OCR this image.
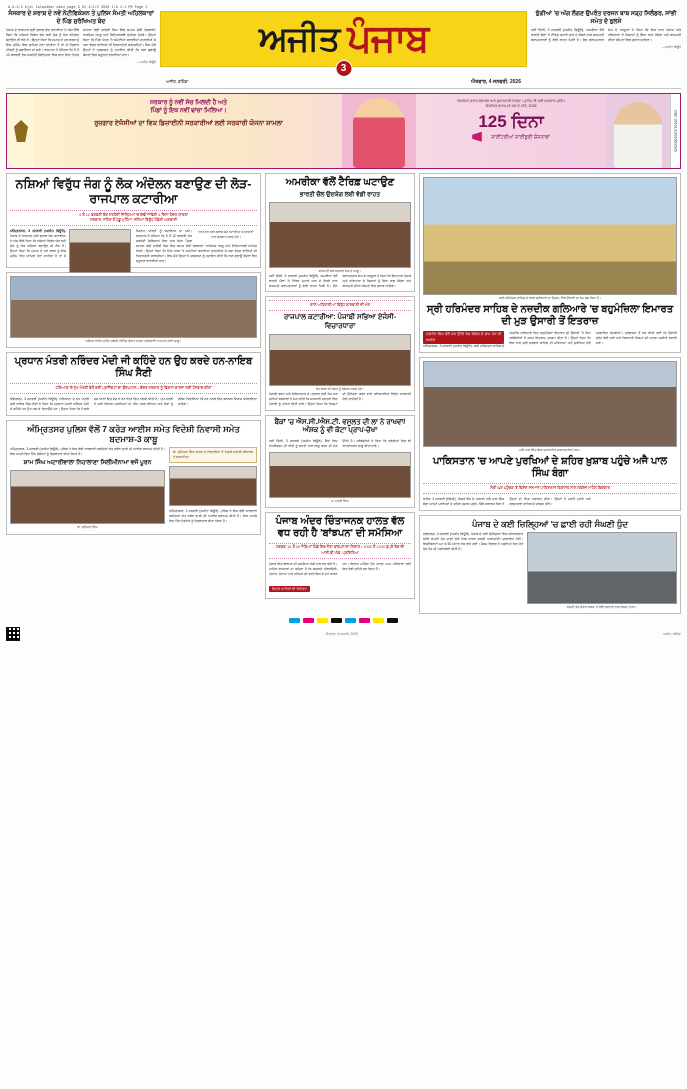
A-3-3-3 Ajit Jalandhar main page 3 01 1/1/2 2026 1:8 1:1 PM Page 1
ਸੰਸਕਾਰ ਦੇ ਸ਼ਰਾਬ਼ ਦੇ ਨਵੇਂ ਨੋਟੀਫਿਕੇਸ਼ਨ ਤੇ ਪੁਲਿਸ ਸੰਮਤੀ ਅਹਿਲਕਾਰਾਂ ਦੇ ਪਿੰਡ ਸੁਰੱਖਿਅਤ ਬੰਦ
ਪੰਜਾਬ ਦੇ ਰਾਜਪਾਲ ਸ੍ਰੀ ਗੁਲਾਬ ਚੰਦ ਕਟਾਰੀਆ ਨੇ ਅੱਜ ਇੱਥੇ ਕਿਹਾ ਕਿ ਨਸ਼ਿਆਂ ਵਿਰੁੱਧ ਚੱਲ ਰਹੀ ਜੰਗ ਨੂੰ ਲੋਕ ਅੰਦੋਲਨ ਬਣਾਉਣ ਦੀ ਲੋੜ ਹੈ। ਉਨ੍ਹਾਂ ਕਿਹਾ ਕਿ ਸਮਾਜ ਦੇ ਹਰ ਵਰਗ ਨੂੰ ਇਸ ਮੁਹਿੰਮ ਵਿਚ ਸ਼ਾਮਿਲ ਹੋਣਾ ਚਾਹੀਦਾ ਹੈ ਤਾਂ ਜੋ ਨੌਜਵਾਨ ਪੀੜ੍ਹੀ ਨੂੰ ਬਚਾਇਆ ਜਾ ਸਕੇ। ਰਾਜਪਾਲ ਨੇ ਦੱਸਿਆ ਕਿ 9 ਤੋਂ 12 ਫਰਵਰੀ ਤੱਕ ਸਰਹੱਦੀ ਜ਼ਿਲ੍ਹਿਆਂ ਵਿਚ ਚਾਰ ਦਿਨਾ ਪੈਦਲ ਯਾਤਰਾ ਕੱਢੀ ਜਾਵੇਗੀ ਜਿਸ ਵਿਚ ਸਮਾਜ ਸੇਵੀ ਸੰਸਥਾਵਾਂ, ਧਾਰਮਿਕ ਆਗੂ ਅਤੇ ਵਿਦਿਆਰਥੀ ਸ਼ਾਮਿਲ ਹੋਣਗੇ। ਉਨ੍ਹਾਂ ਕਿਹਾ ਕਿ ਪਿੰਡ ਪੱਧਰ 'ਤੇ ਕਮੇਟੀਆਂ ਬਣਾਈਆਂ ਜਾਣਗੀਆਂ ਜੋ ਨਸ਼ਾ ਵੇਚਣ ਵਾਲਿਆਂ ਦੀ ਨਿਸ਼ਾਨਦੇਹੀ ਕਰਨਗੀਆਂ। ਇਸ ਮੌਕੇ ਉਨ੍ਹਾਂ ਨੇ ਪ੍ਰਸ਼ਾਸਨ ਨੂੰ ਹਦਾਇਤ ਕੀਤੀ ਕਿ ਨਸ਼ਾ ਛੁਡਾਊ ਕੇਂਦਰਾਂ ਵਿਚ ਸਹੂਲਤਾਂ ਵਧਾਈਆਂ ਜਾਣ।
—ਅਜੀਤ ਬਿਊਰੋ
ਅਜੀਤ ਪੰਜਾਬ
3
ਅਜੀਤ, ਬਠਿੰਡਾ	ਐਤਵਾਰ, 4 ਜਨਵਰੀ, 2026
ਝੁੱਗੀਆਂ 'ਚ ਅੱਗ ਲੱਗਣ ਉਪਰੰਤ ਦਰਜਨ ਬਾਬ ਸੜ੍ਹ ਸਿਲੰਡਰ, ਸਾਂਭੀ ਸਮੇਤ ਦੋ ਝੁਲਸੇ
ਨਵੀਂ ਦਿੱਲੀ, 3 ਜਨਵਰੀ (ਅਜੀਤ ਬਿਊਰੋ)- ਅਮਰੀਕਾ ਵੱਲੋਂ ਭਾਰਤੀ ਚੌਲਾਂ 'ਤੇ ਟੈਰਿਫ਼ ਘਟਾਏ ਜਾਣ ਦੇ ਫ਼ੈਸਲੇ ਨਾਲ ਬਾਸਮਤੀ ਬਰਾਮਦਕਾਰਾਂ ਨੂੰ ਵੱਡੀ ਰਾਹਤ ਮਿਲੀ ਹੈ। ਚੌਲ ਬਰਾਮਦਕਾਰ ਸੰਘ ਦੇ ਆਗੂਆਂ ਨੇ ਕਿਹਾ ਕਿ ਇਸ ਨਾਲ ਪੰਜਾਬ ਅਤੇ ਹਰਿਆਣਾ ਦੇ ਕਿਸਾਨਾਂ ਨੂੰ ਸਿੱਧਾ ਲਾਭ ਹੋਵੇਗਾ ਅਤੇ ਬਾਸਮਤੀ ਦੀਆਂ ਕੀਮਤਾਂ ਵਿਚ ਸੁਧਾਰ ਆਵੇਗਾ।
—ਅਜੀਤ ਬਿਊਰੋ
ਸਰਕਾਰ ਨੂੰ ਨਵੀਂ ਸੋਚ ਮਿਲਦੀ ਹੈ ਅਤੇ
ਪਿੰਡਾਂ ਨੂੰ ਇਕ ਨਵੀਂ ਢਾਂਚਾ ਮਿਲਿਆ।
ਰੁਜ਼ਗਾਰ ਏਜੰਸੀਆਂ ਦਾ ਵਿਕ ਡਿਜ਼ਾਈਨੀ ਸਰਕਾਰੀਆਂ ਲਈ ਸਰਕਾਰੀ ਯੋਜਨਾ ਸ਼ਾਮਲਾ
ਵਿਕਸਿਤ ਭਾਰਤ-ਵੰਚਾਲਨ ਅਤੇ ਸੁਧਾਰਕਾਰੀ ਮਿਲਣ। ਮੁਹਿੰਮ ਤੀ ਕਰੀ ਸ਼ਾਨਦਾਰ ਮੁਹਿੰਮ
ਵਿਕਸਿਤ ਭਾਰਤ-ਮੀ ਕਲ ਦੇ ਮੀਤੋ, 2026
125 ਦਿਨਾ
ਸਾਈਟਰੀਆਂ ਸ਼ਾਈਬੁਰੀ ਯੋਜਨਾਵਾਂ	CBC 35101/13/0106/2526
ਨਸ਼ਿਆਂ ਵਿਰੁੱਧ ਜੰਗ ਨੂੰ ਲੋਕ ਅੰਦੋਲਨ ਬਣਾਉਣ ਦੀ ਲੋੜ-ਰਾਜਪਾਲ ਕਟਾਰੀਆ
9 ਤੋਂ 12 ਫਰਵਰੀ ਤੱਕ ਸਰਹੱਦੀ ਜ਼ਿਲ੍ਹਿਆਂ 'ਚ ਕੱਢੀ ਜਾਵੇਗੀ 4 ਦਿਨਾ ਪੈਦਲ ਯਾਤਰਾ
ਸਰਕਾਰ, ਸ਼ਹਿਰ ਤੋਂ ਪੇਂਡੂ ਮੁਹਿੰਮਾਂ, ਨਸ਼ਿਆਂ ਵਿਰੁੱਧ ਹੋਵੇਗੀ ਅਗਵਾਈ
ਰਾਜਪਾਲ ਸ੍ਰੀ ਗੁਲਾਬ ਚੰਦ ਕਟਾਰੀਆ ਪੱਤਰਕਾਰਾਂ ਨਾਲ ਗੱਲਬਾਤ ਕਰਦੇ ਹੋਏ।
ਅੰਮ੍ਰਿਤਸਰ, 3 ਜਨਵਰੀ (ਅਜੀਤ ਬਿਊਰੋ)- ਪੰਜਾਬ ਦੇ ਰਾਜਪਾਲ ਸ੍ਰੀ ਗੁਲਾਬ ਚੰਦ ਕਟਾਰੀਆ ਨੇ ਅੱਜ ਇੱਥੇ ਕਿਹਾ ਕਿ ਨਸ਼ਿਆਂ ਵਿਰੁੱਧ ਚੱਲ ਰਹੀ ਜੰਗ ਨੂੰ ਲੋਕ ਅੰਦੋਲਨ ਬਣਾਉਣ ਦੀ ਲੋੜ ਹੈ। ਉਨ੍ਹਾਂ ਕਿਹਾ ਕਿ ਸਮਾਜ ਦੇ ਹਰ ਵਰਗ ਨੂੰ ਇਸ ਮੁਹਿੰਮ ਵਿਚ ਸ਼ਾਮਿਲ ਹੋਣਾ ਚਾਹੀਦਾ ਹੈ ਤਾਂ ਜੋ ਨੌਜਵਾਨ ਪੀੜ੍ਹੀ ਨੂੰ ਬਚਾਇਆ ਜਾ ਸਕੇ। ਰਾਜਪਾਲ ਨੇ ਦੱਸਿਆ ਕਿ 9 ਤੋਂ 12 ਫਰਵਰੀ ਤੱਕ ਸਰਹੱਦੀ ਜ਼ਿਲ੍ਹਿਆਂ ਵਿਚ ਚਾਰ ਦਿਨਾ ਪੈਦਲ ਯਾਤਰਾ ਕੱਢੀ ਜਾਵੇਗੀ ਜਿਸ ਵਿਚ ਸਮਾਜ ਸੇਵੀ ਸੰਸਥਾਵਾਂ, ਧਾਰਮਿਕ ਆਗੂ ਅਤੇ ਵਿਦਿਆਰਥੀ ਸ਼ਾਮਿਲ ਹੋਣਗੇ। ਉਨ੍ਹਾਂ ਕਿਹਾ ਕਿ ਪਿੰਡ ਪੱਧਰ 'ਤੇ ਕਮੇਟੀਆਂ ਬਣਾਈਆਂ ਜਾਣਗੀਆਂ ਜੋ ਨਸ਼ਾ ਵੇਚਣ ਵਾਲਿਆਂ ਦੀ ਨਿਸ਼ਾਨਦੇਹੀ ਕਰਨਗੀਆਂ। ਇਸ ਮੌਕੇ ਉਨ੍ਹਾਂ ਨੇ ਪ੍ਰਸ਼ਾਸਨ ਨੂੰ ਹਦਾਇਤ ਕੀਤੀ ਕਿ ਨਸ਼ਾ ਛੁਡਾਊ ਕੇਂਦਰਾਂ ਵਿਚ ਸਹੂਲਤਾਂ ਵਧਾਈਆਂ ਜਾਣ।
ਨਸ਼ਿਆਂ ਵਿਰੁੱਧ ਮੁਹਿੰਮ ਸਬੰਧੀ ਮੀਟਿੰਗ ਦੌਰਾਨ ਹਾਜ਼ਰ ਅਧਿਕਾਰੀ ਤੇ ਸਮਾਜ ਸੇਵੀ ਆਗੂ।
ਪ੍ਰਧਾਨ ਮੰਤਰੀ ਨਰਿੰਦਰ ਮੋਦੀ ਜੀ ਕਹਿੰਦੇ ਹਨ ਉਹ ਕਰਦੇ ਹਨ-ਨਾਇਬ ਸਿੰਘ ਸੈਣੀ
ਹਰਿਆਣਾ ਦੇ ਮੁੱਖ ਮੰਤਰੀ ਵੱਲੋਂ ਕਈ ਪ੍ਰਾਜੈਕਟਾਂ ਦਾ ਉਦਘਾਟਨ • ਕੇਂਦਰ ਸਰਕਾਰ ਨੂੰ ਵਿਕਾਸ ਕਾਰਜਾਂ ਲਈ ਧੰਨਵਾਦ ਕੀਤਾ
ਚੰਡੀਗੜ੍ਹ, 3 ਜਨਵਰੀ (ਅਜੀਤ ਬਿਊਰੋ)- ਹਰਿਆਣਾ ਦੇ ਮੁੱਖ ਮੰਤਰੀ ਸ੍ਰੀ ਨਾਇਬ ਸਿੰਘ ਸੈਣੀ ਨੇ ਕਿਹਾ ਕਿ ਪ੍ਰਧਾਨ ਮੰਤਰੀ ਨਰਿੰਦਰ ਮੋਦੀ ਜੋ ਕਹਿੰਦੇ ਹਨ ਉਹ ਕਰ ਕੇ ਦਿਖਾਉਂਦੇ ਹਨ। ਉਨ੍ਹਾਂ ਕਿਹਾ ਕਿ ਪਿਛਲੇ ਦਸ ਸਾਲਾਂ ਵਿਚ ਦੇਸ਼ ਨੇ ਹਰ ਖੇਤਰ ਵਿਚ ਤਰੱਕੀ ਕੀਤੀ ਹੈ। ਮੁੱਖ ਮੰਤਰੀ ਨੇ ਕਈ ਵਿਕਾਸ ਪ੍ਰਾਜੈਕਟਾਂ ਦਾ ਨੀਂਹ ਪੱਥਰ ਰੱਖਿਆ ਅਤੇ ਲੋਕਾਂ ਨੂੰ ਭਰੋਸਾ ਦਿਵਾਇਆ ਕਿ ਹਰ ਹਲਕੇ ਵਿਚ ਬਰਾਬਰ ਵਿਕਾਸ ਕਰਵਾਇਆ ਜਾਵੇਗਾ।
ਅੰਮ੍ਰਿਤਸਰ ਪੁਲਿਸ ਵੱਲੋਂ 7 ਕਰੋੜ ਆਈਸ ਸਮੇਤ ਵਿਦੇਸ਼ੀ ਨਿਵਾਸੀ ਸਮੇਤ ਬਦਮਾਸ਼-3 ਕਾਬੂ
ਅੰਮ੍ਰਿਤਸਰ, 3 ਜਨਵਰੀ (ਅਜੀਤ ਬਿਊਰੋ)- ਪੁਲਿਸ ਨੇ ਇਕ ਵੱਡੀ ਕਾਰਵਾਈ ਕਰਦਿਆਂ ਸੱਤ ਕਰੋੜ ਰੁਪਏ ਦੀ ਆਈਸ ਬਰਾਮਦ ਕੀਤੀ ਹੈ। ਇਸ ਮਾਮਲੇ ਵਿਚ ਤਿੰਨ ਦੋਸ਼ੀਆਂ ਨੂੰ ਗ੍ਰਿਫ਼ਤਾਰ ਕੀਤਾ ਗਿਆ ਹੈ।
ਸ਼ਾਮ ਸਿੰਘ ਅਟਾਰੀਵਾਲਾ ਨਿਹਾਲਾਣਾ ਸਿਲੀਮੀਨਾਮਾ ਵਜੋਂ ਪੂਰਨ
ਡਾ. ਭੁਪਿੰਦਰ ਸਿੰਘ
ਡਾ. ਭੁਪਿੰਦਰ ਸਿੰਘ ਰਾਜਨ ਦੇ ਖਿਡਾਰੀਆਂ ਤੋਂ ਪਿਛਲੇ ਸ਼ਹਿਰੀ ਰੀਵਾਰਡ ਤੇ ਸਨਮਾਨਿਤ
ਅੰਮ੍ਰਿਤਸਰ, 3 ਜਨਵਰੀ (ਅਜੀਤ ਬਿਊਰੋ)- ਪੁਲਿਸ ਨੇ ਇਕ ਵੱਡੀ ਕਾਰਵਾਈ ਕਰਦਿਆਂ ਸੱਤ ਕਰੋੜ ਰੁਪਏ ਦੀ ਆਈਸ ਬਰਾਮਦ ਕੀਤੀ ਹੈ। ਇਸ ਮਾਮਲੇ ਵਿਚ ਤਿੰਨ ਦੋਸ਼ੀਆਂ ਨੂੰ ਗ੍ਰਿਫ਼ਤਾਰ ਕੀਤਾ ਗਿਆ ਹੈ।
ਅਮਰੀਕਾ ਵੱਲੋਂ ਟੈਰਿਫ਼ ਘਟਾਉਣ
ਭਾਰਤੀ ਚੌਲ ਉਦਯੋਗ ਲਈ ਵੱਡੀ ਰਾਹਤ
ਬਾਸਮਤੀ ਬਰਾਮਦਕਾਰ ਸੰਘ ਦੇ ਆਗੂ।
ਨਵੀਂ ਦਿੱਲੀ, 3 ਜਨਵਰੀ (ਅਜੀਤ ਬਿਊਰੋ)- ਅਮਰੀਕਾ ਵੱਲੋਂ ਭਾਰਤੀ ਚੌਲਾਂ 'ਤੇ ਟੈਰਿਫ਼ ਘਟਾਏ ਜਾਣ ਦੇ ਫ਼ੈਸਲੇ ਨਾਲ ਬਾਸਮਤੀ ਬਰਾਮਦਕਾਰਾਂ ਨੂੰ ਵੱਡੀ ਰਾਹਤ ਮਿਲੀ ਹੈ। ਚੌਲ ਬਰਾਮਦਕਾਰ ਸੰਘ ਦੇ ਆਗੂਆਂ ਨੇ ਕਿਹਾ ਕਿ ਇਸ ਨਾਲ ਪੰਜਾਬ ਅਤੇ ਹਰਿਆਣਾ ਦੇ ਕਿਸਾਨਾਂ ਨੂੰ ਸਿੱਧਾ ਲਾਭ ਹੋਵੇਗਾ ਅਤੇ ਬਾਸਮਤੀ ਦੀਆਂ ਕੀਮਤਾਂ ਵਿਚ ਸੁਧਾਰ ਆਵੇਗਾ।
ਕਾਲੇ ਅਧਿਕਾਰੀਆਂ ਵਿਰੁੱਧ ਕਾਰਵਾਈ ਦੀ ਮੰਗ
ਰਾਜਪਾਲ ਕਟਾਰੀਆ: ਪੰਜਾਬੀ ਸਭਿਆ ਏਜੰਸੀ-ਵਿਚਾਰਧਾਰਾ
ਸੰਤ ਬਾਬਾ ਜੀ ਸੰਗਤ ਨੂੰ ਸੰਬੋਧਨ ਕਰਦੇ ਹੋਏ।
ਪੰਜਾਬੀ ਭਾਸ਼ਾ ਅਤੇ ਸੱਭਿਆਚਾਰ ਦੇ ਪ੍ਰਚਾਰ ਲਈ ਕੰਮ ਕਰ ਰਹੀਆਂ ਸੰਸਥਾਵਾਂ ਨੇ ਮੰਗ ਕੀਤੀ ਕਿ ਸਰਕਾਰੀ ਦਫ਼ਤਰਾਂ ਵਿਚ ਪੰਜਾਬੀ ਨੂੰ ਪਹਿਲ ਦਿੱਤੀ ਜਾਵੇ। ਉਨ੍ਹਾਂ ਕਿਹਾ ਕਿ ਨਿਯਮਾਂ ਦੀ ਉਲੰਘਣਾ ਕਰਨ ਵਾਲੇ ਅਧਿਕਾਰੀਆਂ ਵਿਰੁੱਧ ਕਾਰਵਾਈ ਹੋਣੀ ਚਾਹੀਦੀ ਹੈ।
ਬੈਂਕਾਂ 'ਚ ਐਸ.ਸੀ./ਐਸ.ਟੀ. ਵਸੂਲਤ ਦੀ ਲਾ ਨੇ ਰਾਖਵਾਂ/ਅੰਸ਼ਕ ਨੂੰ ਵੀ ਕੋਟਾ ਪ੍ਰਾਪ-ਚੋਖਾ
ਨਵੀਂ ਦਿੱਲੀ, 3 ਜਨਵਰੀ (ਅਜੀਤ ਬਿਊਰੋ)- ਬੈਂਕਾਂ ਵਿਚ ਰਾਖਵੇਂਕਰਨ ਦੀ ਨੀਤੀ ਨੂੰ ਸਖ਼ਤੀ ਨਾਲ ਲਾਗੂ ਕਰਨ ਦੀ ਮੰਗ ਉੱਠੀ ਹੈ। ਜਥੇਬੰਦੀਆਂ ਨੇ ਕਿਹਾ ਕਿ ਤਰੱਕੀਆਂ ਵਿਚ ਵੀ ਰਾਖਵਾਂਕਰਨ ਲਾਗੂ ਕੀਤਾ ਜਾਵੇ।
ਸ. ਮੰਤਰੀ ਸਿੰਘ
ਪੰਜਾਬ ਅੰਦਰ ਚਿੰਤਾਜਨਕ ਹਾਲਤ ਵੱਲ ਵਧ ਰਹੀ ਹੈ 'ਬਾਂਝਪਨ' ਦੀ ਸਮੱਸਿਆ
ਲਗਭਗ 15 ਤੋਂ 20 ਜੋੜਿਆਂ ਪਿੱਛੇ ਇਕ ਜੋੜਾ ਬਾਂਝਪਨ ਦਾ ਸ਼ਿਕਾਰ • 1000 ਤੋਂ 1200 ਰੁਪਏ ਤੱਕ ਦੀ ਆਈ.ਵੀ.ਐਫ਼. ਪ੍ਰਕਿਰਿਆ
ਪੰਜਾਬ ਵਿਚ ਬਾਂਝਪਨ ਦੀ ਸਮੱਸਿਆ ਤੇਜ਼ੀ ਨਾਲ ਵਧ ਰਹੀ ਹੈ। ਮਾਹਿਰ ਡਾਕਟਰਾਂ ਦਾ ਕਹਿਣਾ ਹੈ ਕਿ ਬਦਲਦੀ ਜੀਵਨਸ਼ੈਲੀ, ਤਣਾਅ, ਮੋਟਾਪਾ ਅਤੇ ਨਸ਼ਿਆਂ ਦੀ ਵਰਤੋਂ ਇਸ ਦੇ ਮੁੱਖ ਕਾਰਨ ਹਨ। ਇਲਾਜ ਮਹਿੰਗਾ ਹੋਣ ਕਾਰਨ ਆਮ ਪਰਿਵਾਰਾਂ ਲਈ ਇਹ ਵੱਡੀ ਚੁਣੌਤੀ ਬਣ ਗਿਆ ਹੈ।
ਸਿਹਤ ਮਾਹਿਰਾਂ ਦੀ ਰਿਪੋਰਟ
ਸ੍ਰੀ ਹਰਿਮੰਦਰ ਸਾਹਿਬ ਦੇ ਨੇੜਲੇ ਗਲਿਆਰੇ ਦਾ ਦ੍ਰਿਸ਼, ਜਿੱਥੇ ਉਸਾਰੀ ਦਾ ਕੰਮ ਚੱਲ ਰਿਹਾ ਹੈ।
ਸ੍ਰੀ ਹਰਿਮੰਦਰ ਸਾਹਿਬ ਦੇ ਨਜ਼ਦੀਕ ਗਲਿਆਰੇ 'ਚ ਬਹੁਮੰਜ਼ਿਲਾ ਇਮਾਰਤ ਦੀ ਮੁੜ ਉਸਾਰੀ ਤੋਂ ਇਤਰਾਜ਼
ਹਰਜੀਤ ਸਿੰਘ ਵੱਲੋਂ ਮੰਗ ਉੱਠੀ ਦੇਸ਼ ਵਿਦੇਸ਼ ਦੇ ਸ਼ਾਮ ਹੱਕ ਦੀ ਅਪੀਲ ਅੰਮ੍ਰਿਤਸਰ, 3 ਜਨਵਰੀ (ਅਜੀਤ ਬਿਊਰੋ)- ਸ੍ਰੀ ਹਰਿਮੰਦਰ ਸਾਹਿਬ ਦੇ ਨਜ਼ਦੀਕ ਗਲਿਆਰੇ ਵਿਚ ਬਹੁਮੰਜ਼ਿਲਾ ਇਮਾਰਤ ਦੀ ਉਸਾਰੀ 'ਤੇ ਸਿੱਖ ਜਥੇਬੰਦੀਆਂ ਨੇ ਸਖ਼ਤ ਇਤਰਾਜ਼ ਪ੍ਰਗਟ ਕੀਤਾ ਹੈ। ਉਨ੍ਹਾਂ ਕਿਹਾ ਕਿ ਇਸ ਨਾਲ ਸ੍ਰੀ ਦਰਬਾਰ ਸਾਹਿਬ ਦੀ ਮਰਿਆਦਾ ਅਤੇ ਸੁਰੱਖਿਆ ਦੋਵੇਂ ਪ੍ਰਭਾਵਿਤ ਹੋਣਗੀਆਂ। ਪ੍ਰਸ਼ਾਸਨ ਤੋਂ ਮੰਗ ਕੀਤੀ ਗਈ ਕਿ ਉਸਾਰੀ ਤੁਰੰਤ ਰੋਕੀ ਜਾਵੇ ਅਤੇ ਵਿਰਾਸਤੀ ਨਿਯਮਾਂ ਦੀ ਪਾਲਣਾ ਯਕੀਨੀ ਬਣਾਈ ਜਾਵੇ।
ਅਜੈ ਪਾਲ ਸਿੰਘ ਬੰਗਾ ਖ਼ੁਸ਼ਾਬ ਵਿਖੇ ਸਥਾਨਕ ਲੋਕਾਂ ਨਾਲ।
ਪਾਕਿਸਤਾਨ 'ਚ ਆਪਣੇ ਪੁਰਖਿਆਂ ਦੇ ਸ਼ਹਿਰ ਖ਼ੁਸ਼ਾਬ ਪਹੁੰਚੇ ਅਜੈ ਪਾਲ ਸਿੰਘ ਬੰਗਾ
ਸੰਗੀ ਘਰ ਪਹੁੰਚਣ 'ਤੇ ਵਿਸ਼ੇਸ਼ ਸਨਮਾਨ ਪਾਕਿਸਤਾਨ ਵਿਰਾਸਤ ਨਾਲ ਲਬਰੇਜ਼ ਮਾਹੌਲ ਵਿਚਕਾਰ
ਲਾਹੌਰ, 3 ਜਨਵਰੀ (ਏਜੰਸੀ)- ਵਿਸ਼ਵ ਬੈਂਕ ਦੇ ਪ੍ਰਧਾਨ ਅਜੈ ਪਾਲ ਸਿੰਘ ਬੰਗਾ ਆਪਣੇ ਪੁਰਖਿਆਂ ਦੇ ਸ਼ਹਿਰ ਖ਼ੁਸ਼ਾਬ ਪਹੁੰਚੇ, ਜਿੱਥੇ ਸਥਾਨਕ ਲੋਕਾਂ ਨੇ ਉਨ੍ਹਾਂ ਦਾ ਨਿੱਘਾ ਸਵਾਗਤ ਕੀਤਾ। ਉਨ੍ਹਾਂ ਨੇ ਪੁਰਾਣੇ ਮੁਹੱਲੇ ਅਤੇ ਗੁਰਦੁਆਰਾ ਸਾਹਿਬ ਦੇ ਦਰਸ਼ਨ ਕੀਤੇ।
ਪੰਜਾਬ ਦੇ ਕਈ ਜ਼ਿਲ੍ਹਿਆਂ 'ਚ ਛਾਈ ਰਹੀ ਸੰਘਣੀ ਧੁੰਦ
ਚੰਡੀਗੜ੍ਹ, 3 ਜਨਵਰੀ (ਅਜੀਤ ਬਿਊਰੋ)- ਪੰਜਾਬ ਦੇ ਕਈ ਜ਼ਿਲ੍ਹਿਆਂ ਵਿਚ ਸ਼ਨਿਚਰਵਾਰ ਸਵੇਰੇ ਸੰਘਣੀ ਧੁੰਦ ਛਾਈ ਰਹੀ ਜਿਸ ਕਾਰਨ ਸੜਕੀ ਆਵਾਜਾਈ ਪ੍ਰਭਾਵਿਤ ਹੋਈ। ਵਿਜ਼ੀਬਿਲਟੀ ਘਟ ਕੇ 50 ਮੀਟਰ ਤੱਕ ਰਹਿ ਗਈ। ਮੌਸਮ ਵਿਭਾਗ ਨੇ ਅਗਲੇ ਦੋ ਦਿਨ ਹੋਰ ਧੁੰਦ ਪੈਣ ਦੀ ਪੇਸ਼ੀਨਗੋਈ ਕੀਤੀ ਹੈ।
ਸੰਘਣੀ ਧੁੰਦ ਦੌਰਾਨ ਸੜਕ 'ਤੇ ਹੌਲੀ ਰਫ਼ਤਾਰ ਨਾਲ ਲੰਘਦੇ ਵਾਹਨ।
ਐਤਵਾਰ, 4 ਜਨਵਰੀ, 2026	ਅਜੀਤ, ਬਠਿੰਡਾ
